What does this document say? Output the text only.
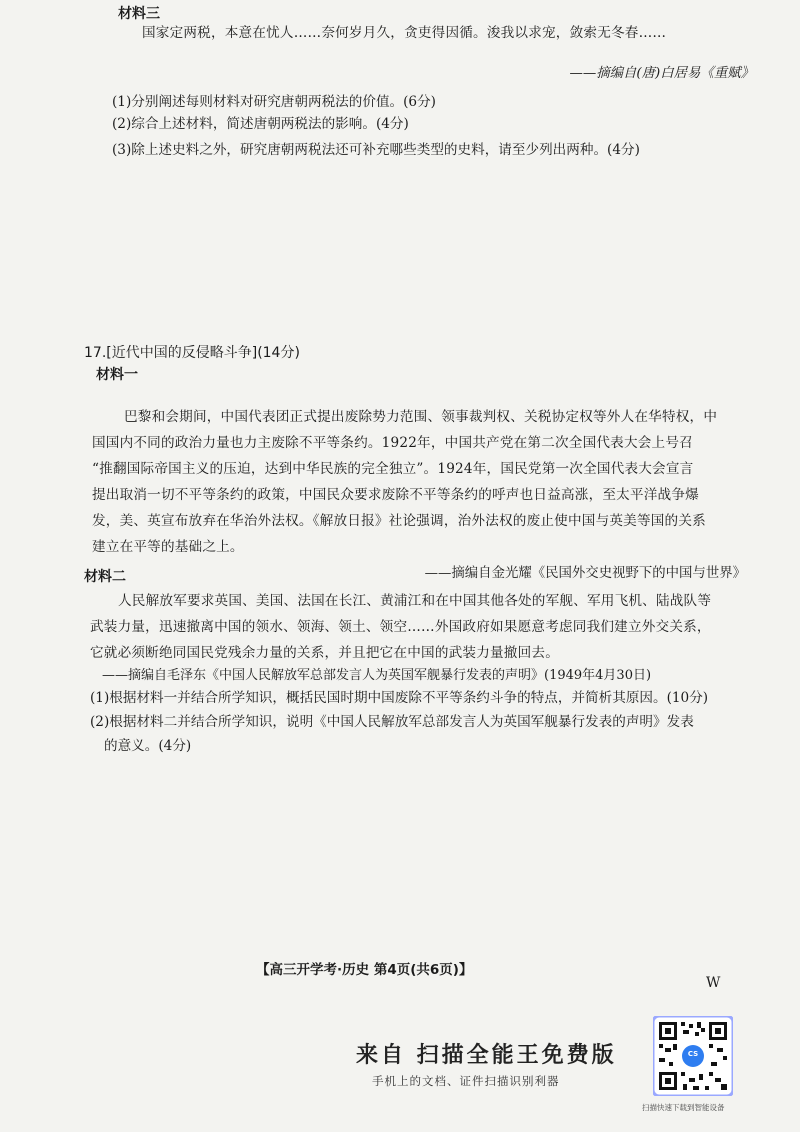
材料三
国家定两税，本意在忧人……奈何岁月久，贪吏得因循。浚我以求宠，敛索无冬春……
——摘编自(唐)白居易《重赋》
(1)分别阐述每则材料对研究唐朝两税法的价值。(6分)
(2)综合上述材料，简述唐朝两税法的影响。(4分)
(3)除上述史料之外，研究唐朝两税法还可补充哪些类型的史料，请至少列出两种。(4分)
17.[近代中国的反侵略斗争](14分)
材料一
巴黎和会期间，中国代表团正式提出废除势力范围、领事裁判权、关税协定权等外人在华特权，中
国国内不同的政治力量也力主废除不平等条约。1922年，中国共产党在第二次全国代表大会上号召
“推翻国际帝国主义的压迫，达到中华民族的完全独立”。1924年，国民党第一次全国代表大会宣言
提出取消一切不平等条约的政策，中国民众要求废除不平等条约的呼声也日益高涨，至太平洋战争爆
发，美、英宣布放弃在华治外法权。《解放日报》社论强调，治外法权的废止使中国与英美等国的关系
建立在平等的基础之上。
——摘编自金光耀《民国外交史视野下的中国与世界》
材料二
人民解放军要求英国、美国、法国在长江、黄浦江和在中国其他各处的军舰、军用飞机、陆战队等
武装力量，迅速撤离中国的领水、领海、领土、领空……外国政府如果愿意考虑同我们建立外交关系，
它就必须断绝同国民党残余力量的关系，并且把它在中国的武装力量撤回去。
——摘编自毛泽东《中国人民解放军总部发言人为英国军舰暴行发表的声明》(1949年4月30日)
(1)根据材料一并结合所学知识，概括民国时期中国废除不平等条约斗争的特点，并简析其原因。(10分)
(2)根据材料二并结合所学知识，说明《中国人民解放军总部发言人为英国军舰暴行发表的声明》发表
的意义。(4分)
【高三开学考·历史 第4页(共6页)】
W
来自 扫描全能王免费版
手机上的文档、证件扫描识别利器
CS
扫描快速下载到智能设备
